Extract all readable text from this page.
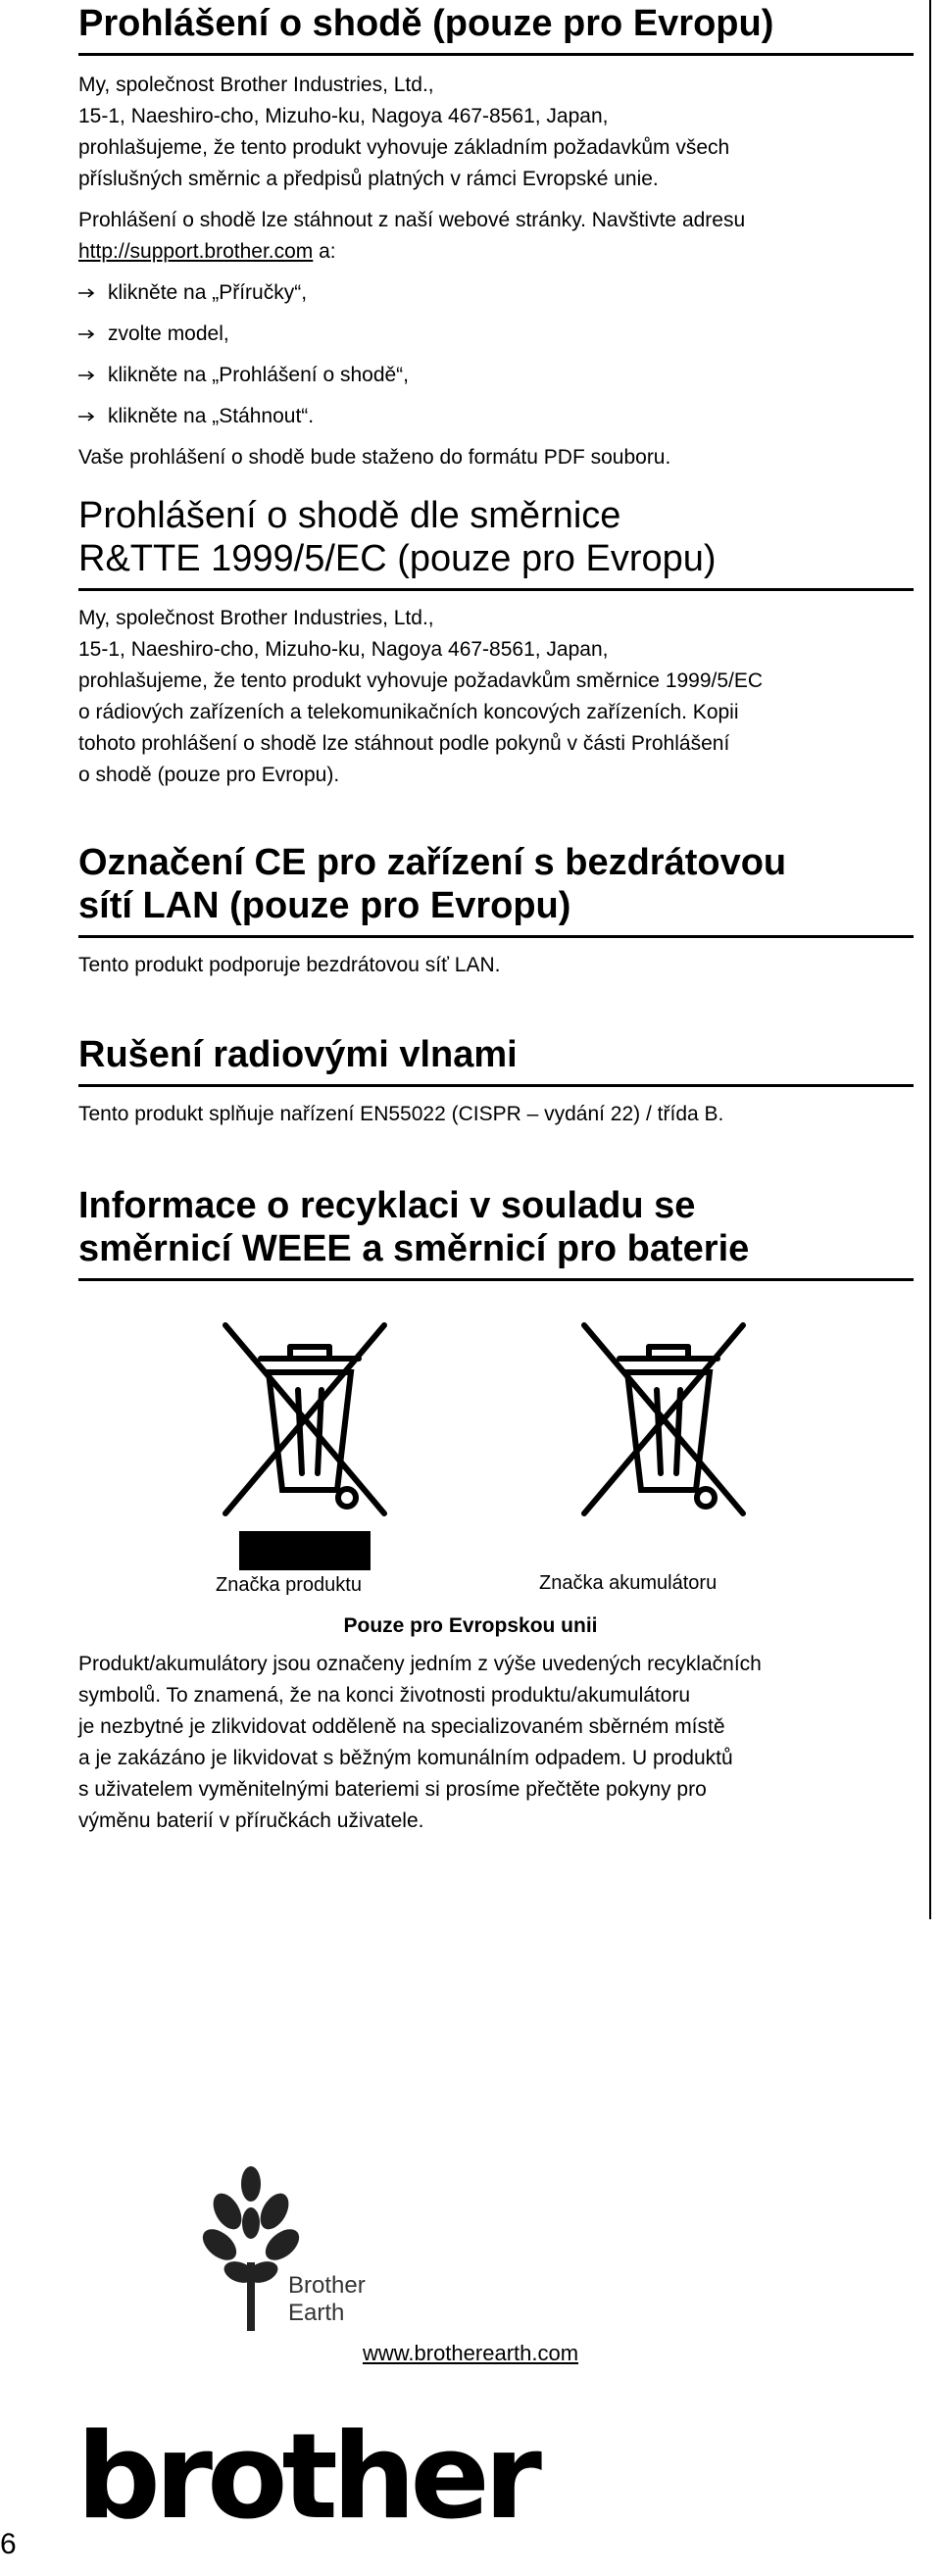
Prohlášení o shodě (pouze pro Evropu)

My, společnost Brother Industries, Ltd.,

15-1, Naeshiro-cho, Mizuho-ku, Nagoya 467-8561, Japan,

prohlašujeme, že tento produkt vyhovuje základním požadavkům všech

příslušných směrnic a předpisů platných v rámci Evropské unie.

Prohlášení o shodě lze stáhnout z naší webové stránky. Navštivte adresu

http://support.brother.com a:

klikněte na „Příručky“,

zvolte model,

klikněte na „Prohlášení o shodě“,

klikněte na „Stáhnout“.

Vaše prohlášení o shodě bude staženo do formátu PDF souboru.

Prohlášení o shodě dle směrnice
R&TTE 1999/5/EC (pouze pro Evropu)

My, společnost Brother Industries, Ltd.,

15-1, Naeshiro-cho, Mizuho-ku, Nagoya 467-8561, Japan,

prohlašujeme, že tento produkt vyhovuje požadavkům směrnice 1999/5/EC

o rádiových zařízeních a telekomunikačních koncových zařízeních. Kopii

tohoto prohlášení o shodě lze stáhnout podle pokynů v části Prohlášení

o shodě (pouze pro Evropu).

Označení CE pro zařízení s bezdrátovou
sítí LAN (pouze pro Evropu)

Tento produkt podporuje bezdrátovou síť LAN.

Rušení radiovými vlnami

Tento produkt splňuje nařízení EN55022 (CISPR – vydání 22) / třída B.

Informace o recyklaci v souladu se
směrnicí WEEE a směrnicí pro baterie
Značka produktu	Značka akumulátoru
Pouze pro Evropskou unii

Produkt/akumulátory jsou označeny jedním z výše uvedených recyklačních

symbolů. To znamená, že na konci životnosti produktu/akumulátoru

je nezbytné je zlikvidovat odděleně na specializovaném sběrném místě

a je zakázáno je likvidovat s běžným komunálním odpadem. U produktů

s uživatelem vyměnitelnými bateriemi si prosíme přečtěte pokyny pro

výměnu baterií v příručkách uživatele.

Brother
Earth
www.brotherearth.com
brother
6
